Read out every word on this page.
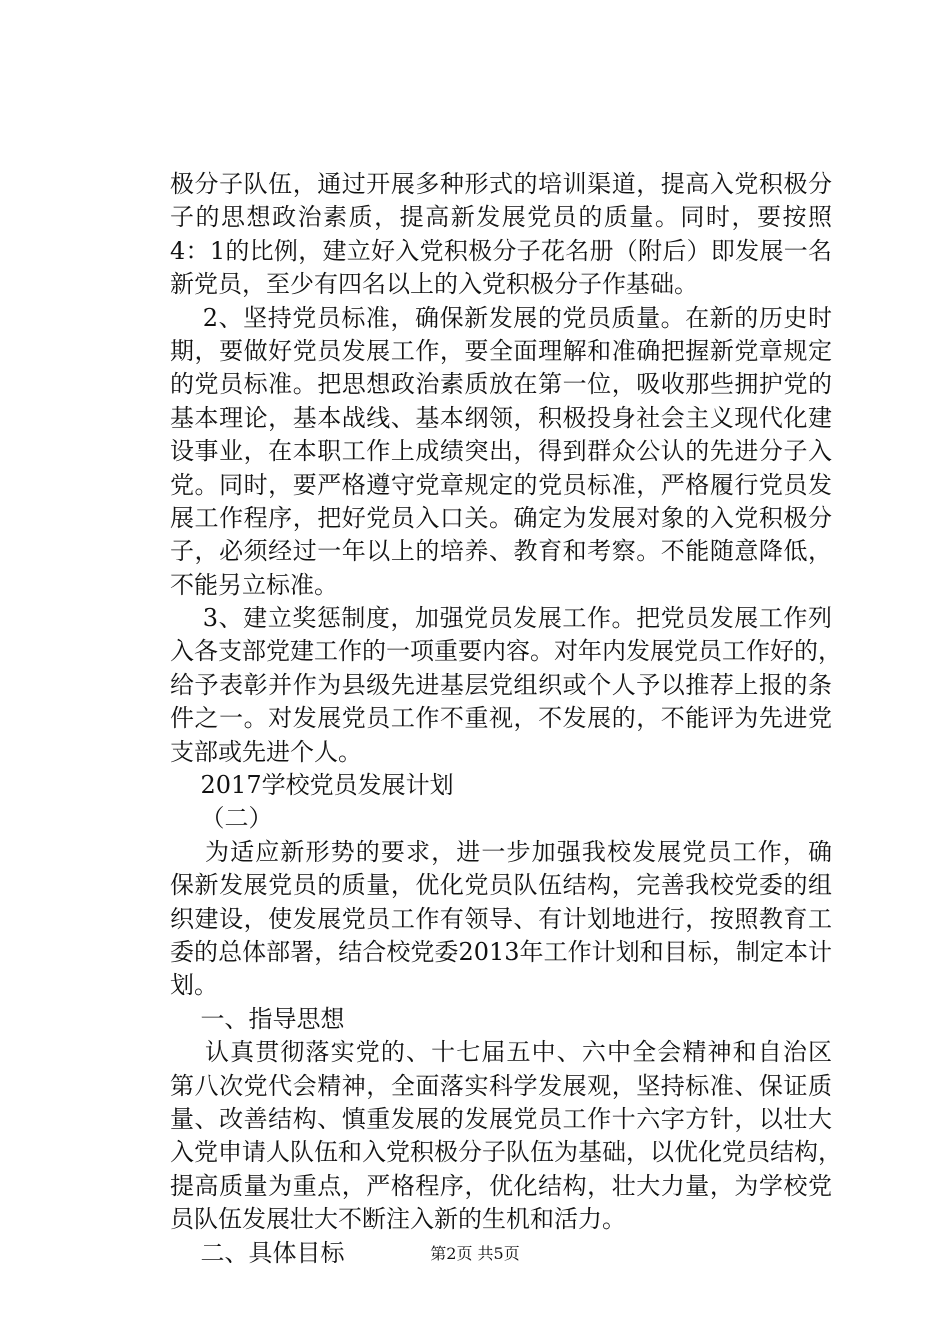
极分子队伍，通过开展多种形式的培训渠道，提高入党积极分
子的思想政治素质，提高新发展党员的质量。同时，要按照
4：1的比例，建立好入党积极分子花名册（附后）即发展一名
新党员，至少有四名以上的入党积极分子作基础。
2、坚持党员标准，确保新发展的党员质量。在新的历史时
期，要做好党员发展工作，要全面理解和准确把握新党章规定
的党员标准。把思想政治素质放在第一位，吸收那些拥护党的
基本理论，基本战线、基本纲领，积极投身社会主义现代化建
设事业，在本职工作上成绩突出，得到群众公认的先进分子入
党。同时，要严格遵守党章规定的党员标准，严格履行党员发
展工作程序，把好党员入口关。确定为发展对象的入党积极分
子，必须经过一年以上的培养、教育和考察。不能随意降低，
不能另立标准。
3、建立奖惩制度，加强党员发展工作。把党员发展工作列
入各支部党建工作的一项重要内容。对年内发展党员工作好的，
给予表彰并作为县级先进基层党组织或个人予以推荐上报的条
件之一。对发展党员工作不重视，不发展的，不能评为先进党
支部或先进个人。
2017学校党员发展计划
（二）
为适应新形势的要求，进一步加强我校发展党员工作，确
保新发展党员的质量，优化党员队伍结构，完善我校党委的组
织建设，使发展党员工作有领导、有计划地进行，按照教育工
委的总体部署，结合校党委2013年工作计划和目标，制定本计
划。
一、指导思想
认真贯彻落实党的、十七届五中、六中全会精神和自治区
第八次党代会精神，全面落实科学发展观，坚持标准、保证质
量、改善结构、慎重发展的发展党员工作十六字方针，以壮大
入党申请人队伍和入党积极分子队伍为基础，以优化党员结构，
提高质量为重点，严格程序，优化结构，壮大力量，为学校党
员队伍发展壮大不断注入新的生机和活力。
二、具体目标	第2页 共5页
